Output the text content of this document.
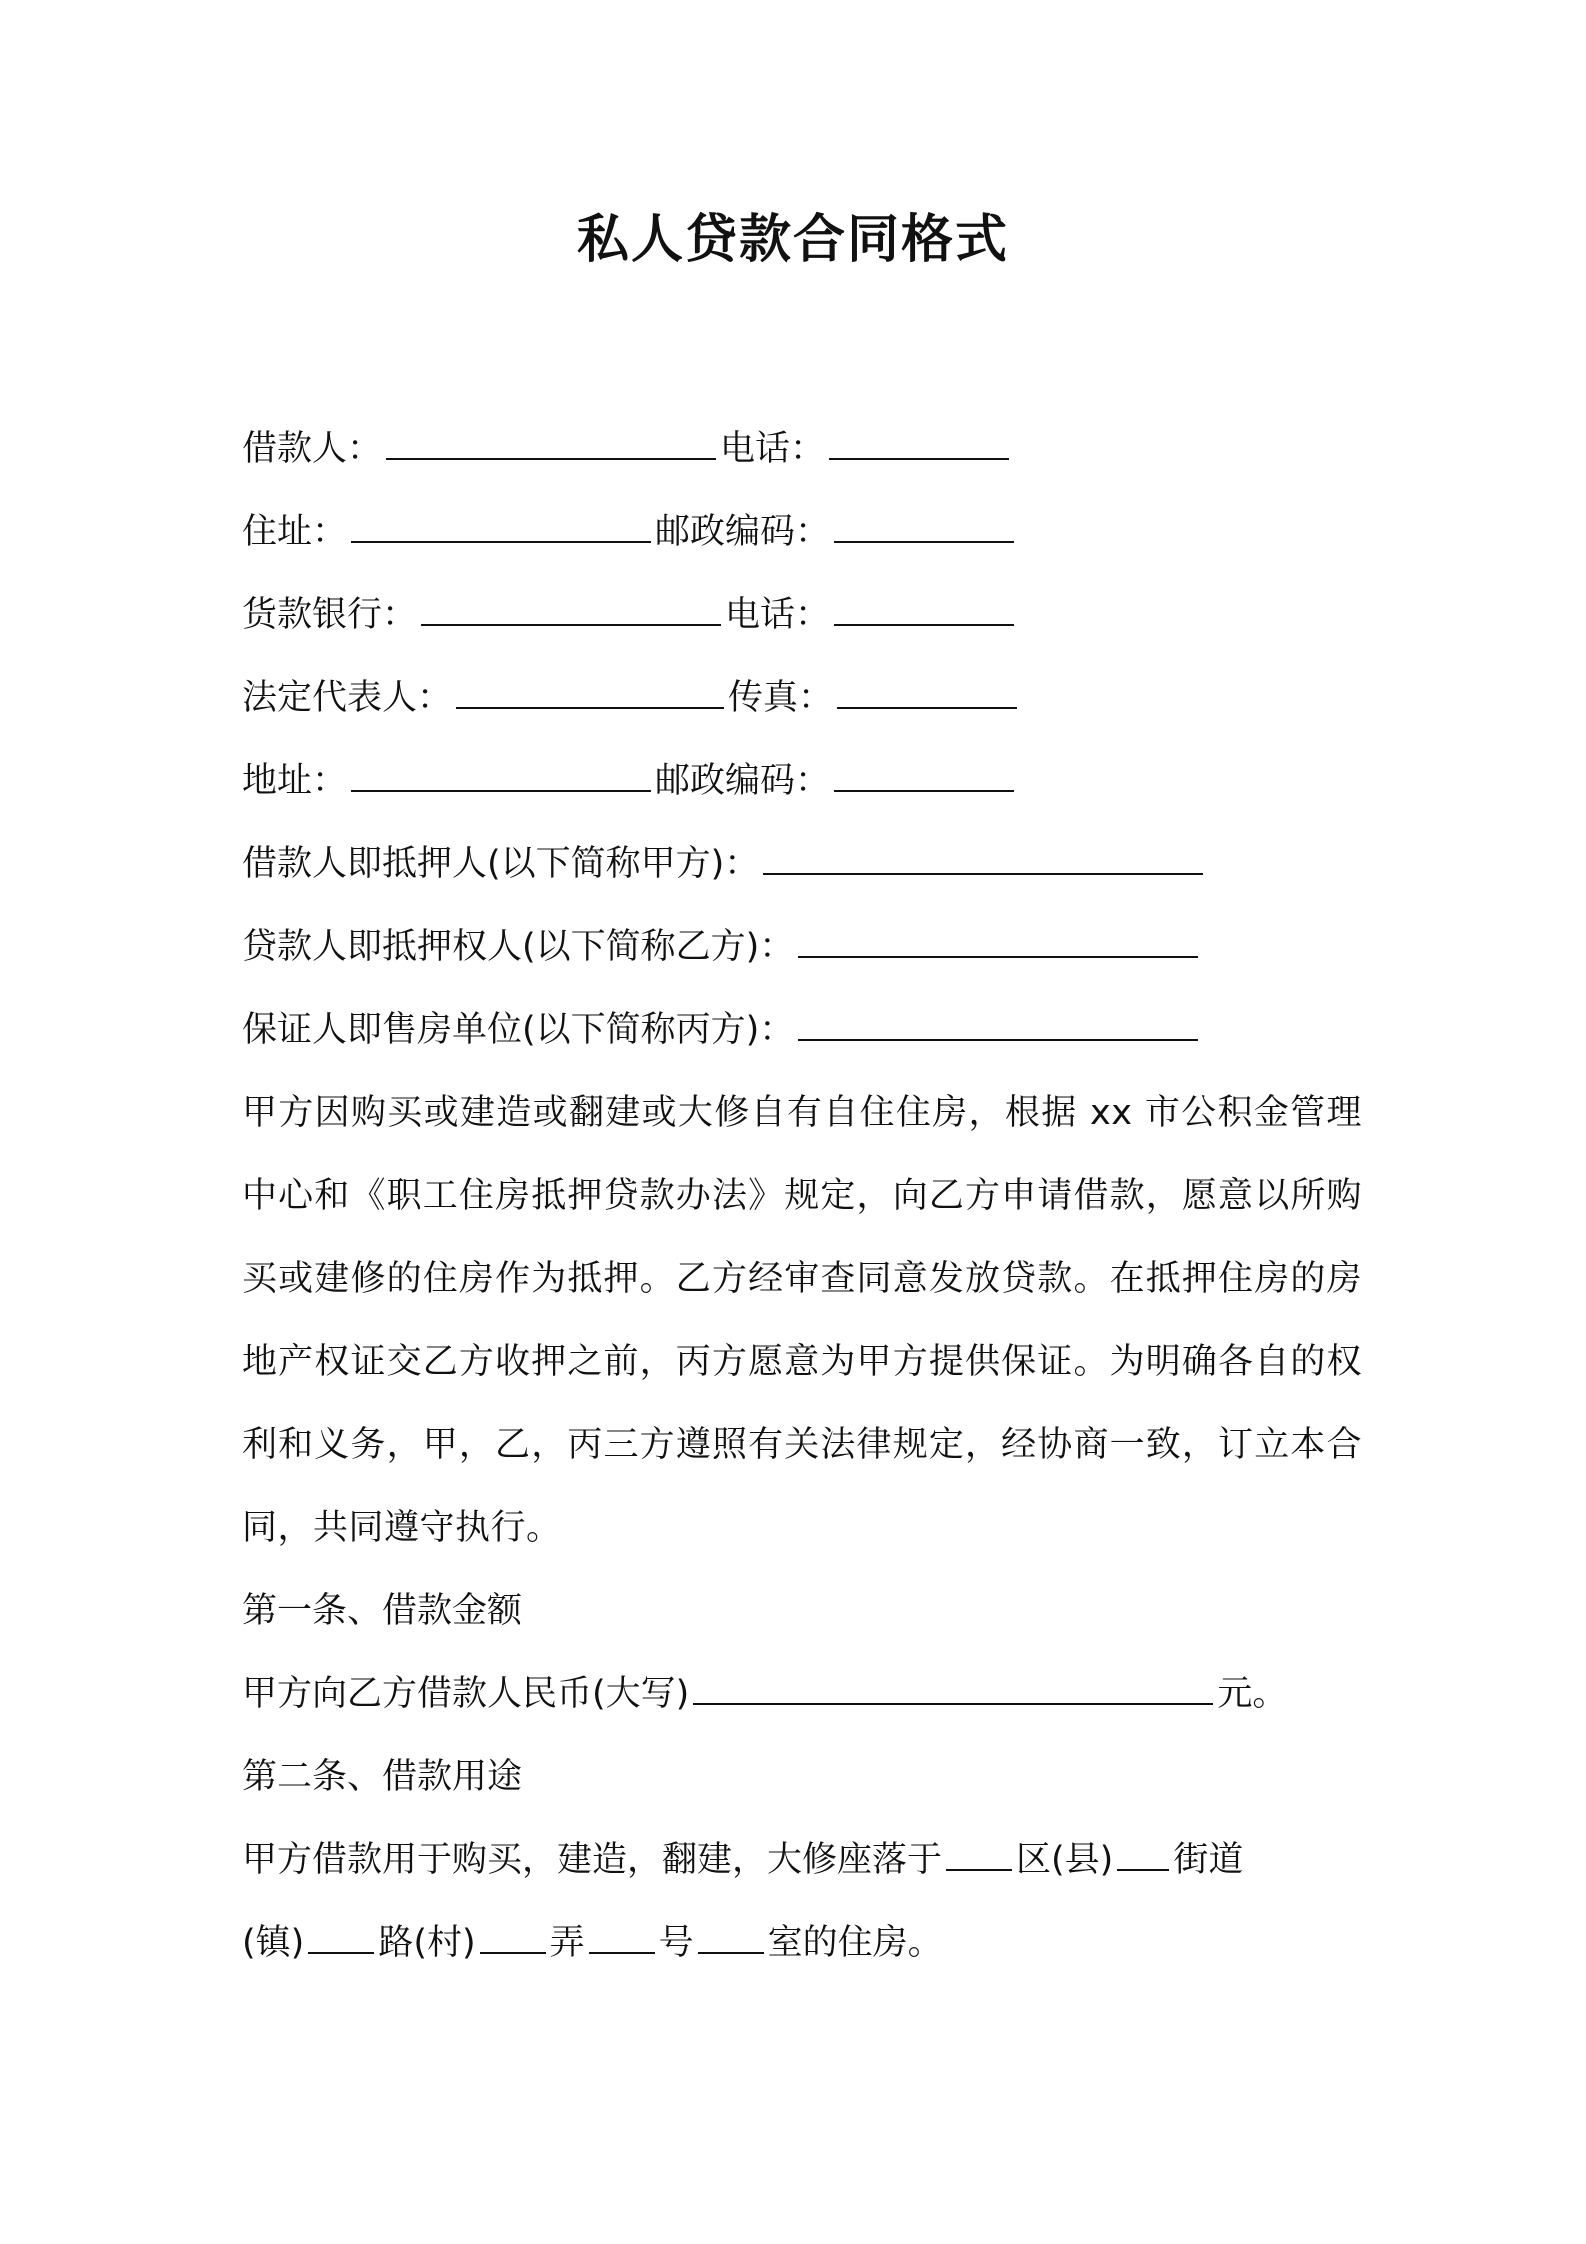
私人贷款合同格式
借款人：	电话：
住址：	邮政编码：
货款银行：	电话：
法定代表人：	传真：
地址：	邮政编码：
借款人即抵押人(以下简称甲方)：
贷款人即抵押权人(以下简称乙方)：
保证人即售房单位(以下简称丙方)：
甲方因购买或建造或翻建或大修自有自住住房，根据 xx 市公积金管理中心和《职工住房抵押贷款办法》规定，向乙方申请借款，愿意以所购买或建修的住房作为抵押。乙方经审查同意发放贷款。在抵押住房的房地产权证交乙方收押之前，丙方愿意为甲方提供保证。为明确各自的权利和义务，甲，乙，丙三方遵照有关法律规定，经协商一致，订立本合同，共同遵守执行。
第一条、借款金额
甲方向乙方借款人民币(大写)	元。
第二条、借款用途
甲方借款用于购买，建造，翻建，大修座落于 区(县) 街道
(镇) 路(村) 弄 号 室的住房。
